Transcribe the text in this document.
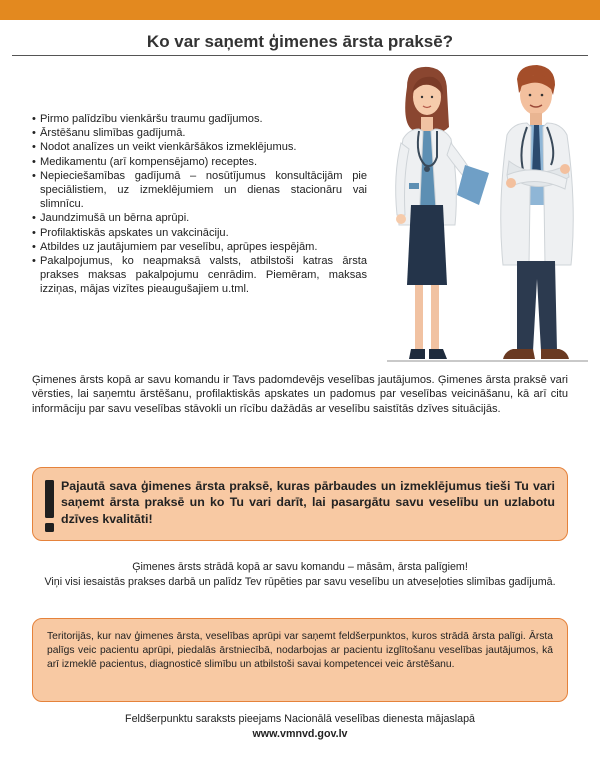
Ko var saņemt ģimenes ārsta praksē?
• Pirmo palīdzību vienkāršu traumu gadījumos.
• Ārstēšanu slimības gadījumā.
• Nodot analīzes un veikt vienkāršākos izmeklējumus.
• Medikamentu (arī kompensējamo) receptes.
• Nepieciešamības gadījumā – nosūtījumus konsultācijām pie speciālistiem, uz izmeklējumiem un dienas stacionāru vai slimnīcu.
• Jaundzimušā un bērna aprūpi.
• Profilaktiskās apskates un vakcināciju.
• Atbildes uz jautājumiem par veselību, aprūpes iespējām.
• Pakalpojumus, ko neapmaksā valsts, atbilstoši katras ārsta prakses maksas pakalpojumu cenrādim. Piemēram, maksas izziņas, mājas vizītes pieaugušajiem u.tml.

Ģimenes ārsts kopā ar savu komandu ir Tavs padomdevējs veselības jautājumos. Ģimenes ārsta praksē vari vērsties, lai saņemtu ārstēšanu, profilaktiskās apskates un padomus par veselības veicināšanu, kā arī citu informāciju par savu veselības stāvokli un rīcību dažādās ar veselību saistītās dzīves situācijās.

Pajautā sava ģimenes ārsta praksē, kuras pārbaudes un izmeklējumus tieši Tu vari saņemt ārsta praksē un ko Tu vari darīt, lai pasargātu savu veselību un uzlabotu dzīves kvalitāti!

Ģimenes ārsts strādā kopā ar savu komandu – māsām, ārsta palīgiem!
Viņi visi iesaistās prakses darbā un palīdz Tev rūpēties par savu veselību un atveseļoties slimības gadījumā.

Teritorijās, kur nav ģimenes ārsta, veselības aprūpi var saņemt feldšerpunktos, kuros strādā ārsta palīgi. Ārsta palīgs veic pacientu aprūpi, piedalās ārstniecībā, nodarbojas ar pacientu izglītošanu veselības jautājumos, kā arī izmeklē pacientus, diagnosticē slimību un atbilstoši savai kompetencei veic ārstēšanu.

Feldšerpunktu saraksts pieejams Nacionālā veselības dienesta mājaslapā
www.vmnvd.gov.lv
